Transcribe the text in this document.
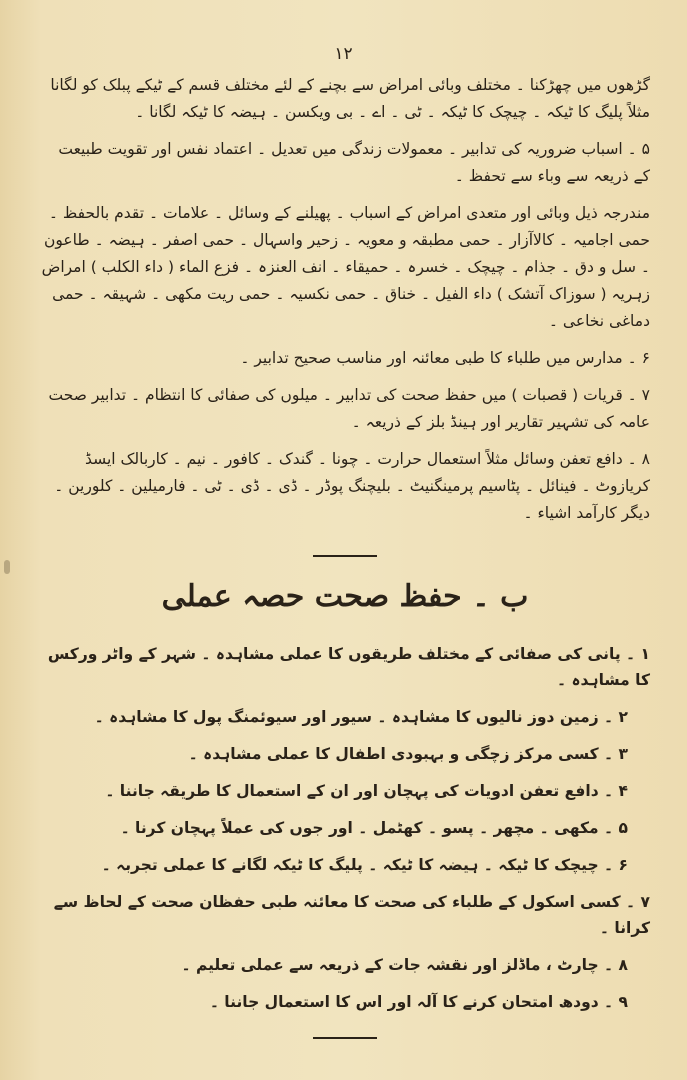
۱۲

گڑھوں میں چھڑکنا ۔ مختلف وبائی امراض سے بچنے کے لئے مختلف قسم کے ٹیکے پبلک کو لگانا مثلاً پلیگ کا ٹیکہ ۔ چیچک کا ٹیکہ ۔ ٹی ۔ اے ۔ بی ویکسن ۔ ہیضہ کا ٹیکہ لگانا ۔

۵ ۔ اسباب ضروریہ کی تدابیر ۔ معمولات زندگی میں تعدیل ۔ اعتماد نفس اور تقویت طبیعت کے ذریعہ سے وباء سے تحفظ ۔

مندرجہ ذیل وبائی اور متعدی امراض کے اسباب ۔ پھیلنے کے وسائل ۔ علامات ۔ تقدم بالحفظ ۔ حمی اجامیہ ۔ کالاآزار ۔ حمی مطبقہ و معویہ ۔ زحیر واسہال ۔ حمی اصفر ۔ ہیضہ ۔ طاعون ۔ سل و دق ۔ جذام ۔ چیچک ۔ خسرہ ۔ حمیقاء ۔ انف العنزہ ۔ فزع الماء ( داء الکلب ) امراض زہریہ ( سوزاک آتشک ) داء الفیل ۔ خناق ۔ حمی نکسیہ ۔ حمی ریت مکھی ۔ شہیقہ ۔ حمی دماغی نخاعی ۔

۶ ۔ مدارس میں طلباء کا طبی معائنہ اور مناسب صحیح تدابیر ۔

۷ ۔ قریات ( قصبات ) میں حفظ صحت کی تدابیر ۔ میلوں کی صفائی کا انتظام ۔ تدابیر صحت عامہ کی تشہیر تقاریر اور ہینڈ بلز کے ذریعہ ۔

۸ ۔ دافع تعفن وسائل مثلاً استعمال حرارت ۔ چونا ۔ گندک ۔ کافور ۔ نیم ۔ کاربالک ایسڈ کریازوٹ ۔ فینائل ۔ پٹاسیم پرمینگنیٹ ۔ بلیچنگ پوڈر ۔ ڈی ۔ ڈی ۔ ٹی ۔ فارمیلین ۔ کلورین ۔ دیگر کارآمد اشیاء ۔

ب ۔ حفظ صحت حصہ عملی
۱ ۔ پانی کی صفائی کے مختلف طریقوں کا عملی مشاہدہ ۔ شہر کے واٹر ورکس کا مشاہدہ ۔
۲ ۔ زمین دوز نالیوں کا مشاہدہ ۔ سیور اور سیوئمنگ پول کا مشاہدہ ۔
۳ ۔ کسی مرکز زچگی و بہبودی اطفال کا عملی مشاہدہ ۔
۴ ۔ دافع تعفن ادویات کی پہچان اور ان کے استعمال کا طریقہ جاننا ۔
۵ ۔ مکھی ۔ مچھر ۔ پسو ۔ کھٹمل ۔ اور جوں کی عملاً پہچان کرنا ۔
۶ ۔ چیچک کا ٹیکہ ۔ ہیضہ کا ٹیکہ ۔ پلیگ کا ٹیکہ لگانے کا عملی تجربہ ۔
۷ ۔ کسی اسکول کے طلباء کی صحت کا معائنہ طبی حفظان صحت کے لحاظ سے کرانا ۔
۸ ۔ چارٹ ، ماڈلز اور نقشہ جات کے ذریعہ سے عملی تعلیم ۔
۹ ۔ دودھ امتحان کرنے کا آلہ اور اس کا استعمال جاننا ۔
